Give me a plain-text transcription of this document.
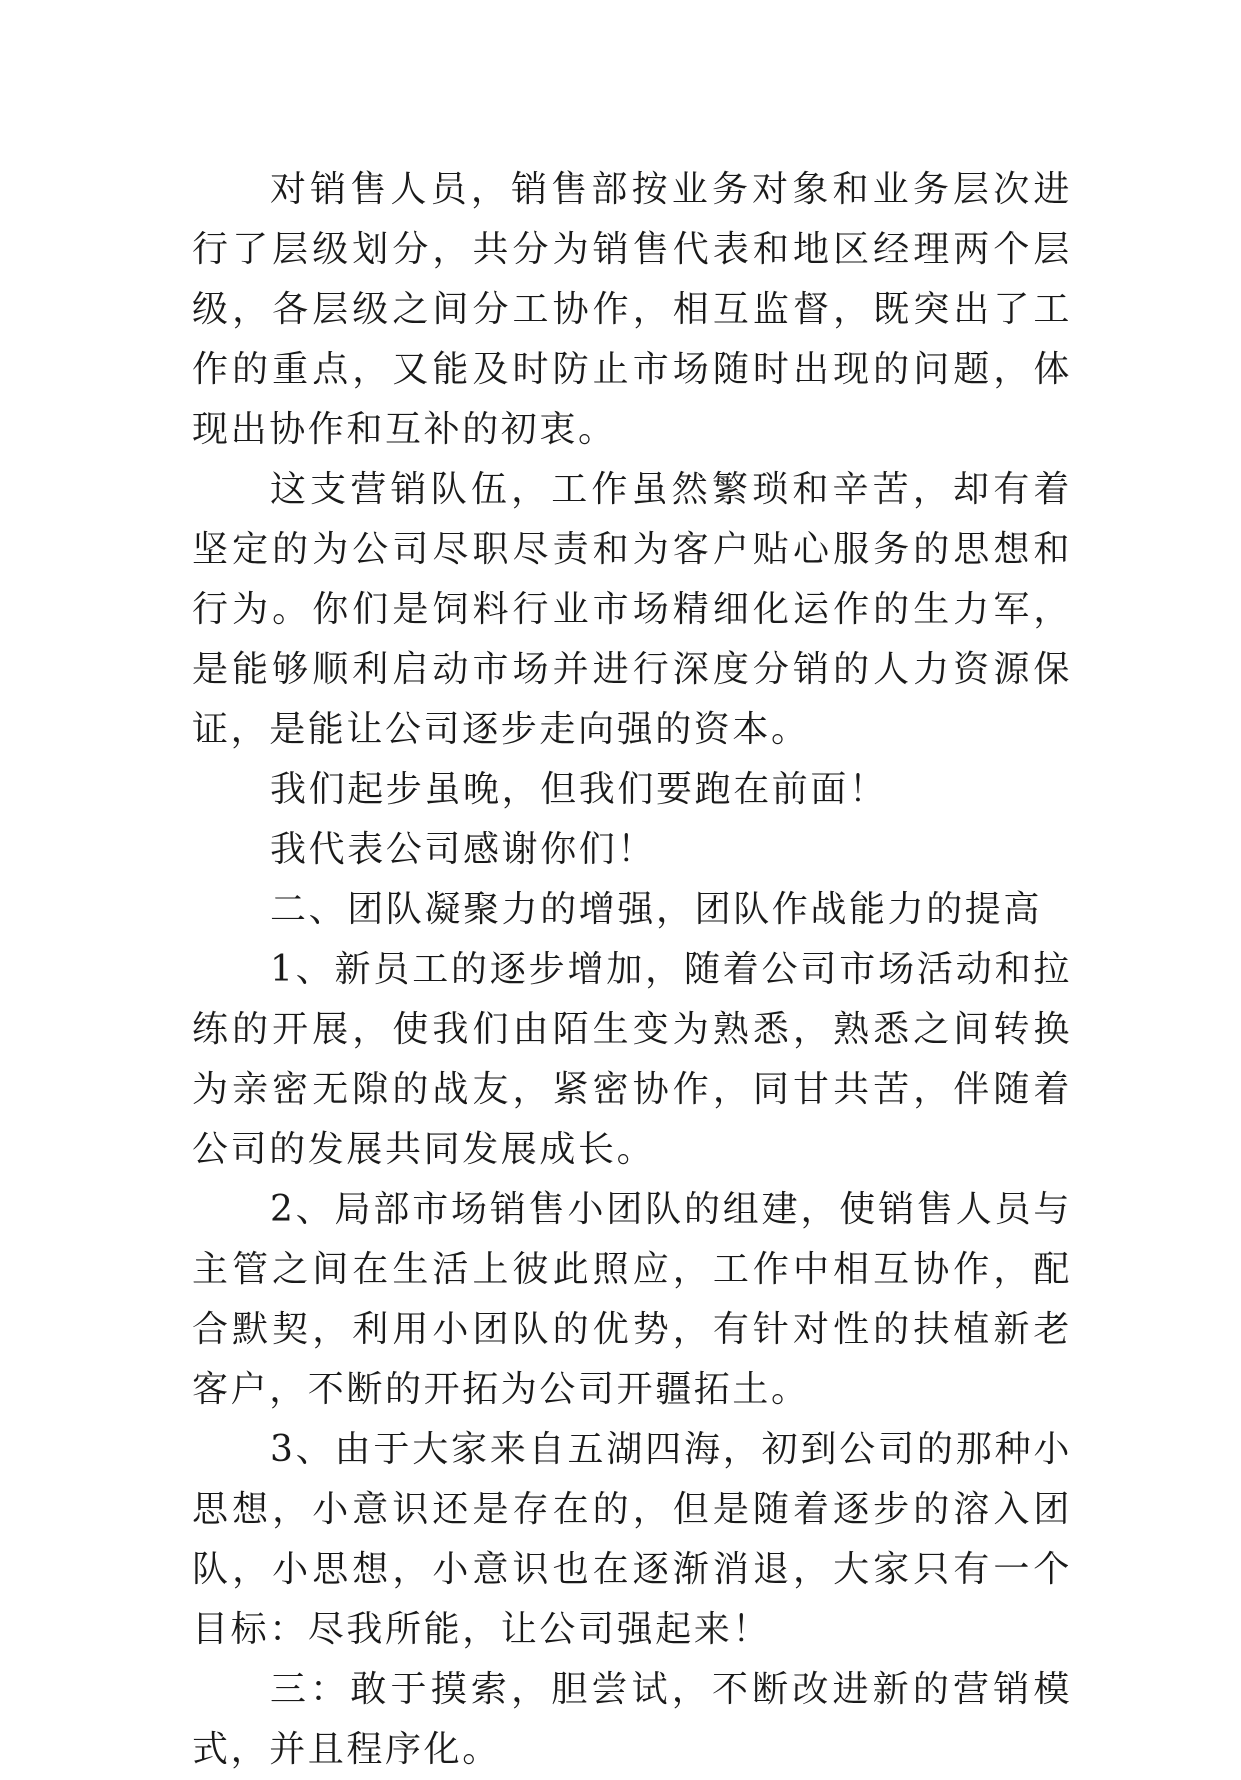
对销售人员，销售部按业务对象和业务层次进行了层级划分，共分为销售代表和地区经理两个层级，各层级之间分工协作，相互监督，既突出了工作的重点，又能及时防止市场随时出现的问题，体现出协作和互补的初衷。

这支营销队伍，工作虽然繁琐和辛苦，却有着坚定的为公司尽职尽责和为客户贴心服务的思想和行为。你们是饲料行业市场精细化运作的生力军，是能够顺利启动市场并进行深度分销的人力资源保证，是能让公司逐步走向强的资本。

我们起步虽晚，但我们要跑在前面！

我代表公司感谢你们！

二、团队凝聚力的增强，团队作战能力的提高

1、新员工的逐步增加，随着公司市场活动和拉练的开展，使我们由陌生变为熟悉，熟悉之间转换为亲密无隙的战友，紧密协作，同甘共苦，伴随着公司的发展共同发展成长。

2、局部市场销售小团队的组建，使销售人员与主管之间在生活上彼此照应，工作中相互协作，配合默契，利用小团队的优势，有针对性的扶植新老客户，不断的开拓为公司开疆拓土。

3、由于大家来自五湖四海，初到公司的那种小思想，小意识还是存在的，但是随着逐步的溶入团队，小思想，小意识也在逐渐消退，大家只有一个目标：尽我所能，让公司强起来！

三：敢于摸索，胆尝试，不断改进新的营销模式，并且程序化。
